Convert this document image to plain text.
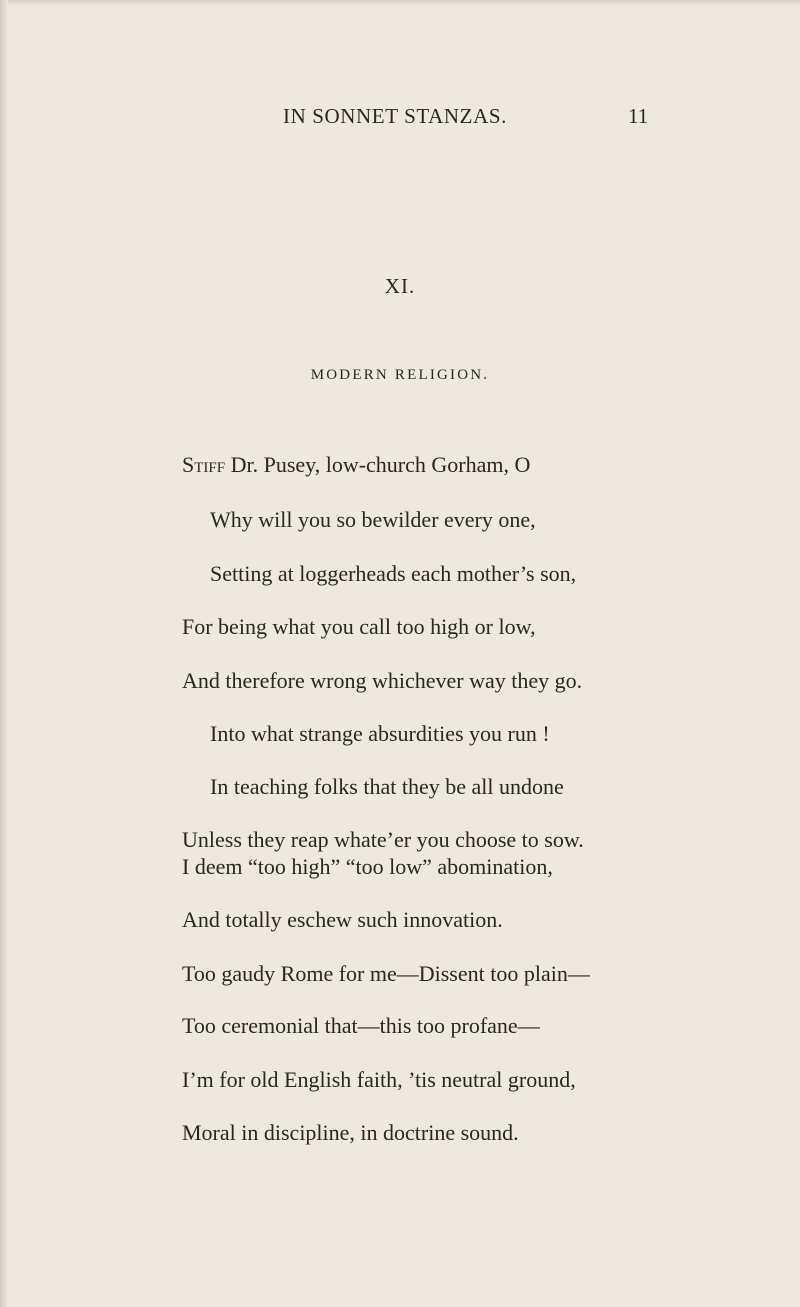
IN SONNET STANZAS.	11
XI.
MODERN RELIGION.
Stiff Dr. Pusey, low-church Gorham, O
Why will you so bewilder every one,
Setting at loggerheads each mother’s son,
For being what you call too high or low,
And therefore wrong whichever way they go.
Into what strange absurdities you run !
In teaching folks that they be all undone
Unless they reap whate’er you choose to sow.
I deem “too high” “too low” abomination,
And totally eschew such innovation.
Too gaudy Rome for me—Dissent too plain—
Too ceremonial that—this too profane—
I’m for old English faith, ’tis neutral ground,
Moral in discipline, in doctrine sound.
